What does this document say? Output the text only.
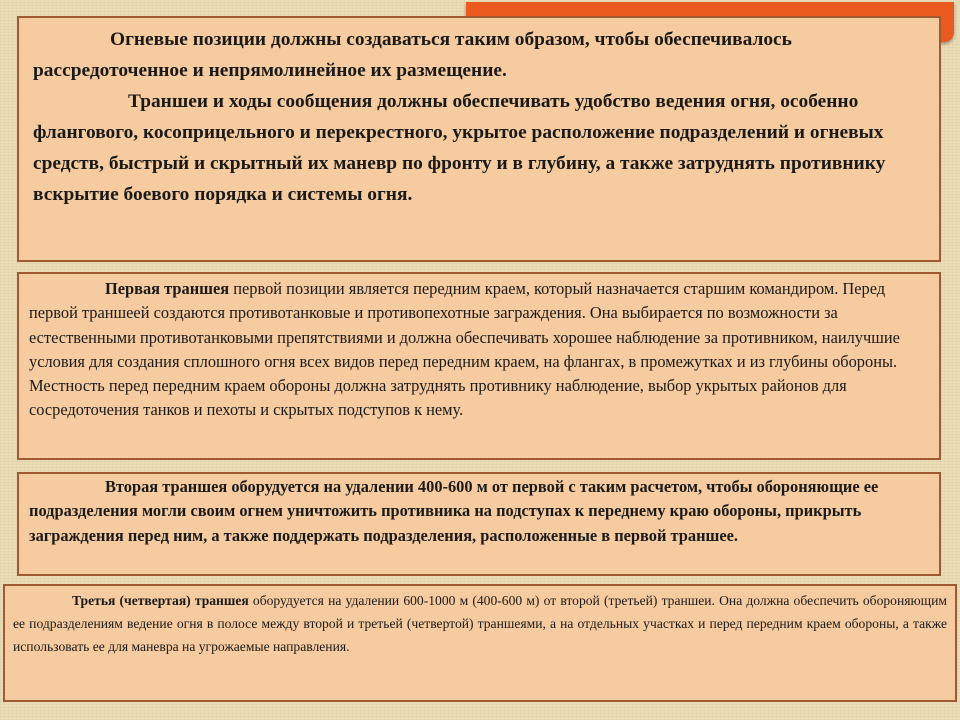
Огневые позиции должны создаваться таким образом, чтобы обеспечивалось рассредоточенное и непрямолинейное их размещение.

Траншеи и ходы сообщения должны обеспечивать удобство ведения огня, особенно флангового, косоприцельного и перекрестного, укрытое расположение подразделений и огневых средств, быстрый и скрытный их маневр по фронту и в глубину, а также затруднять противнику вскрытие боевого порядка и системы огня.

Первая траншея первой позиции является передним краем, который назначается старшим командиром. Перед первой траншеей создаются противотанковые и противопехотные заграждения. Она выбирается по возможности за естественными противотанковыми препятствиями и должна обеспечивать хорошее наблюдение за противником, наилучшие условия для создания сплошного огня всех видов перед передним краем, на флангах, в промежутках и из глубины обороны. Местность перед передним краем обороны должна затруднять противнику наблюдение, выбор укрытых районов для сосредоточения танков и пехоты и скрытых подступов к нему.

Вторая траншея оборудуется на удалении 400-600 м от первой с таким расчетом, чтобы обороняющие ее подразделения могли своим огнем уничтожить противника на подступах к переднему краю обороны, прикрыть заграждения перед ним, а также поддержать подразделения, расположенные в первой траншее.

Третья (четвертая) траншея оборудуется на удалении 600-1000 м (400-600 м) от второй (третьей) траншеи. Она должна обеспечить обороняющим ее подразделениям ведение огня в полосе между второй и третьей (четвертой) траншеями, а на отдельных участках и перед передним краем обороны, а также использовать ее для маневра на угрожаемые направления.
